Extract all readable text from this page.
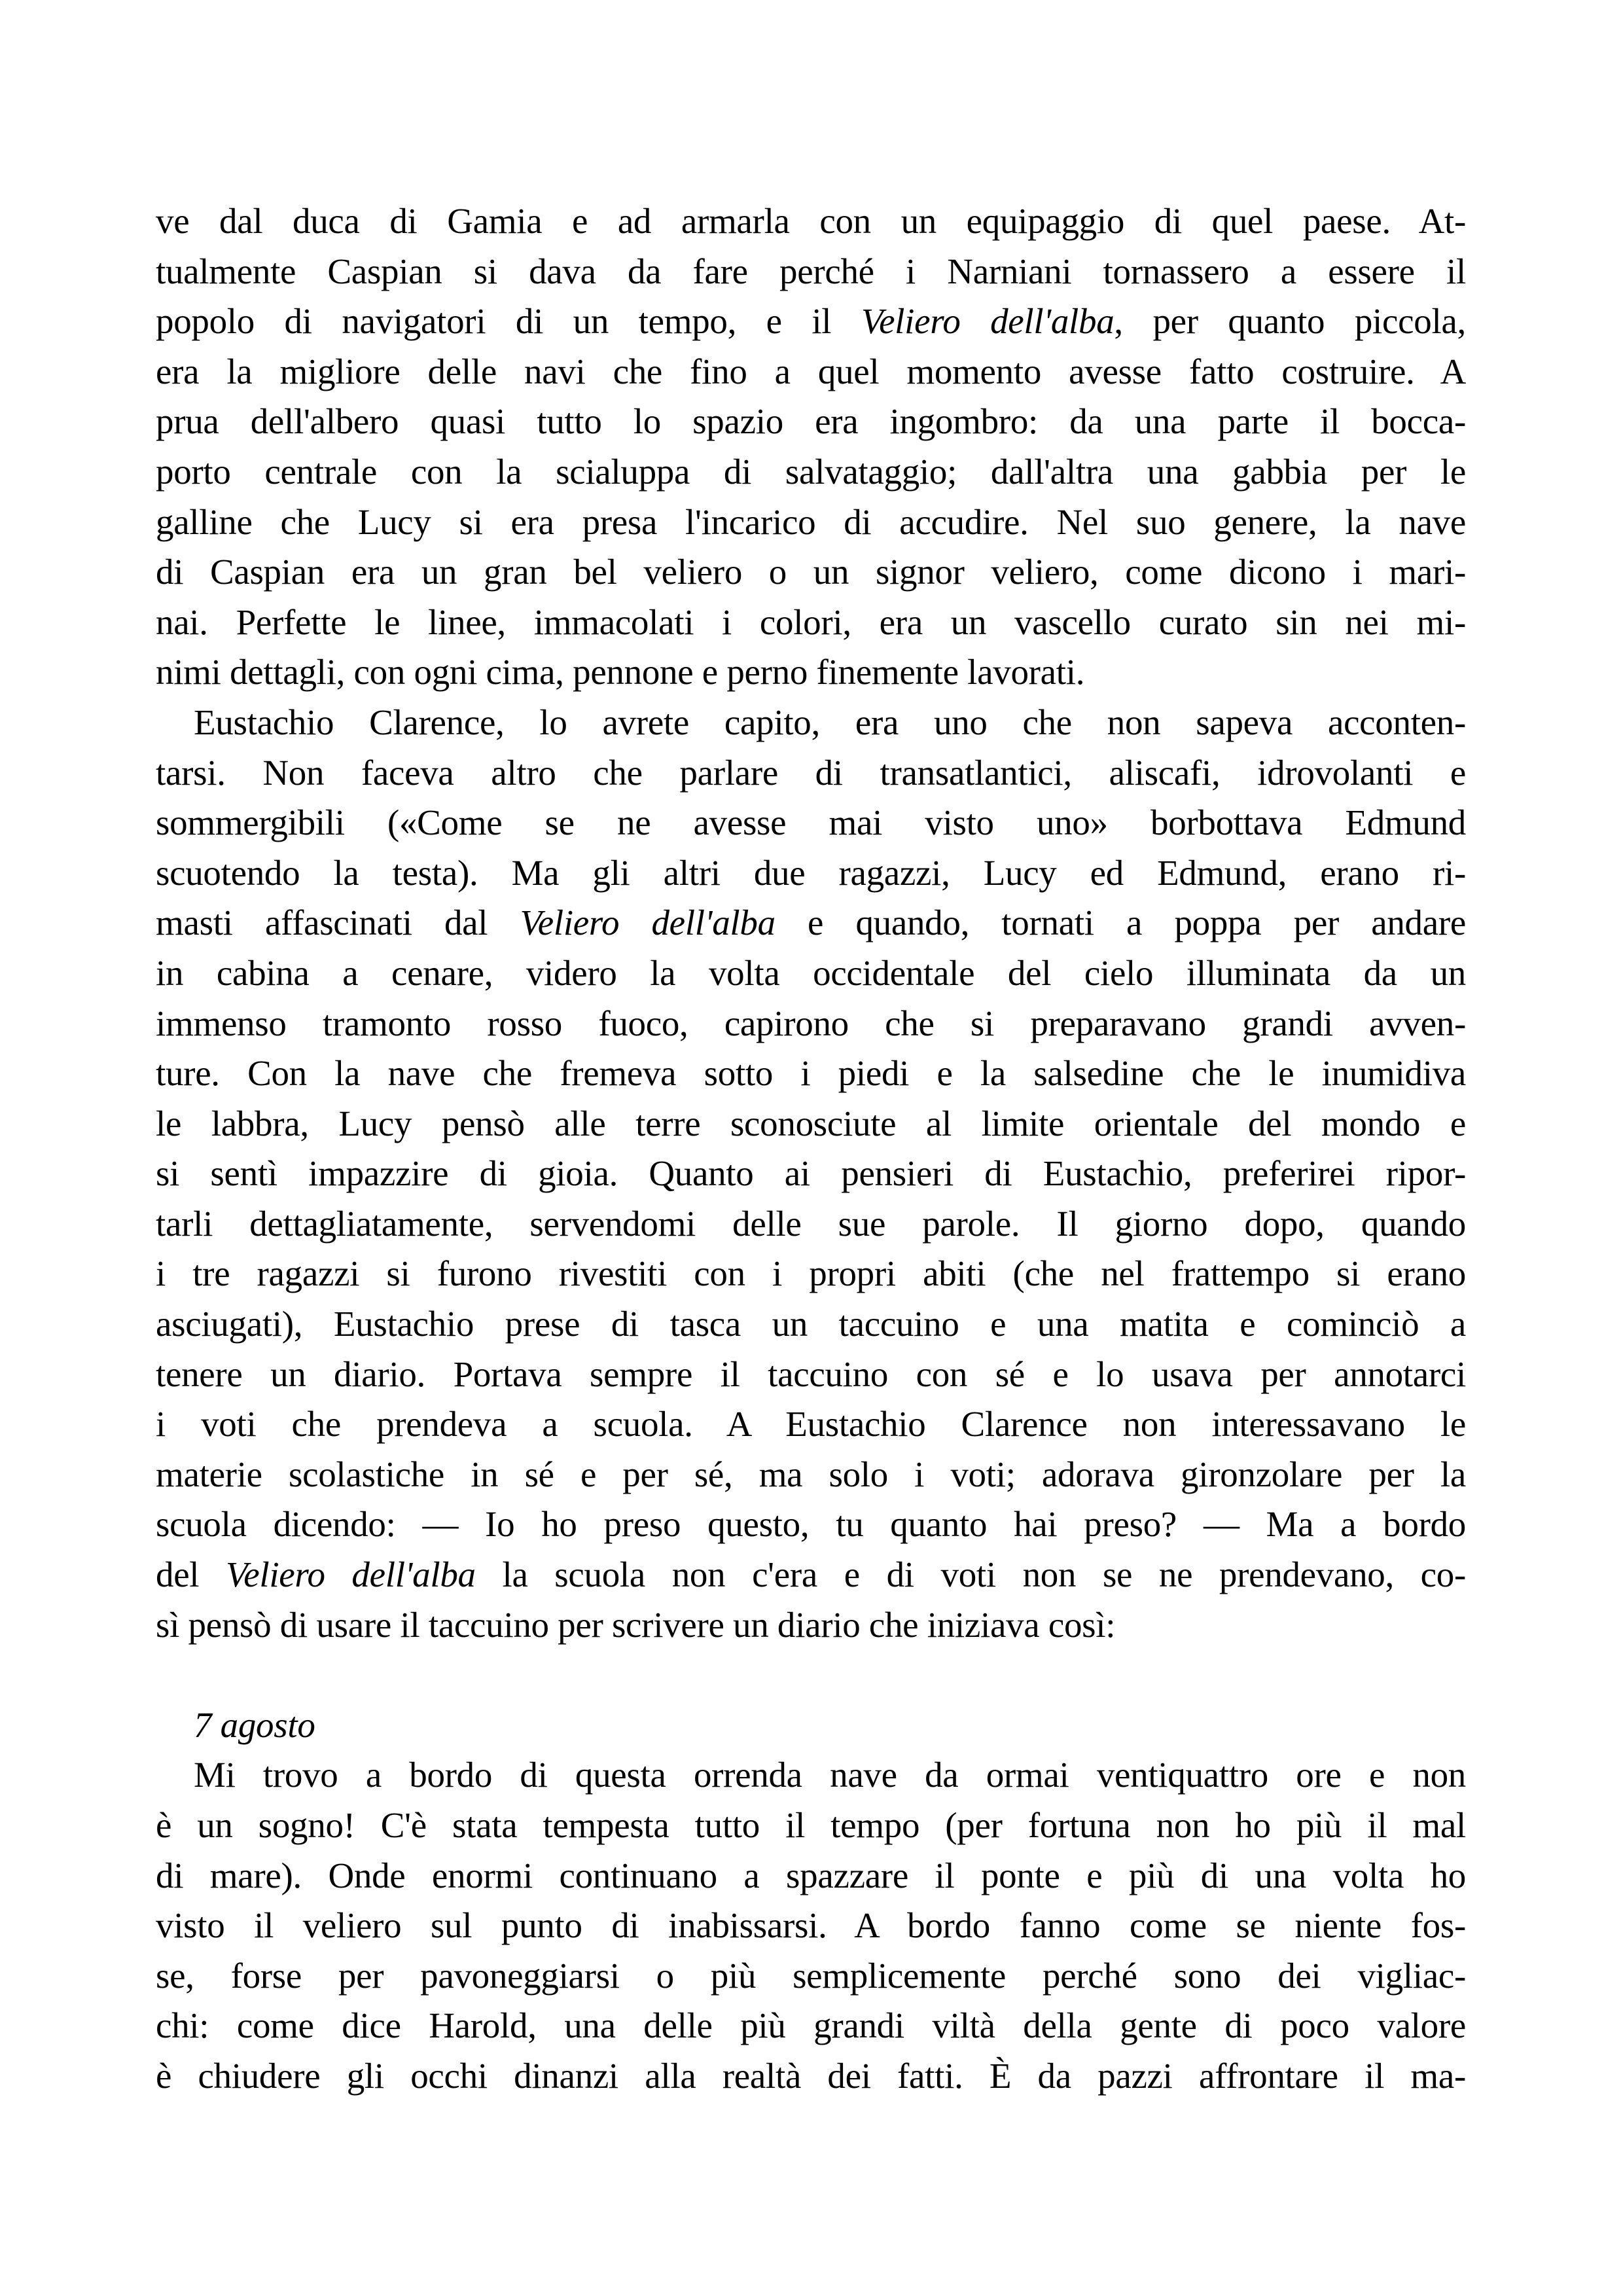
ve dal duca di Gamia e ad armarla con un equipaggio di quel paese. At-
tualmente Caspian si dava da fare perché i Narniani tornassero a essere il
popolo di navigatori di un tempo, e il Veliero dell'alba, per quanto piccola,
era la migliore delle navi che fino a quel momento avesse fatto costruire. A
prua dell'albero quasi tutto lo spazio era ingombro: da una parte il bocca-
porto centrale con la scialuppa di salvataggio; dall'altra una gabbia per le
galline che Lucy si era presa l'incarico di accudire. Nel suo genere, la nave
di Caspian era un gran bel veliero o un signor veliero, come dicono i mari-
nai. Perfette le linee, immacolati i colori, era un vascello curato sin nei mi-
nimi dettagli, con ogni cima, pennone e perno finemente lavorati.
Eustachio Clarence, lo avrete capito, era uno che non sapeva acconten-
tarsi. Non faceva altro che parlare di transatlantici, aliscafi, idrovolanti e
sommergibili («Come se ne avesse mai visto uno» borbottava Edmund
scuotendo la testa). Ma gli altri due ragazzi, Lucy ed Edmund, erano ri-
masti affascinati dal Veliero dell'alba e quando, tornati a poppa per andare
in cabina a cenare, videro la volta occidentale del cielo illuminata da un
immenso tramonto rosso fuoco, capirono che si preparavano grandi avven-
ture. Con la nave che fremeva sotto i piedi e la salsedine che le inumidiva
le labbra, Lucy pensò alle terre sconosciute al limite orientale del mondo e
si sentì impazzire di gioia. Quanto ai pensieri di Eustachio, preferirei ripor-
tarli dettagliatamente, servendomi delle sue parole. Il giorno dopo, quando
i tre ragazzi si furono rivestiti con i propri abiti (che nel frattempo si erano
asciugati), Eustachio prese di tasca un taccuino e una matita e cominciò a
tenere un diario. Portava sempre il taccuino con sé e lo usava per annotarci
i voti che prendeva a scuola. A Eustachio Clarence non interessavano le
materie scolastiche in sé e per sé, ma solo i voti; adorava gironzolare per la
scuola dicendo: — Io ho preso questo, tu quanto hai preso? — Ma a bordo
del Veliero dell'alba la scuola non c'era e di voti non se ne prendevano, co-
sì pensò di usare il taccuino per scrivere un diario che iniziava così:
7 agosto
Mi trovo a bordo di questa orrenda nave da ormai ventiquattro ore e non
è un sogno! C'è stata tempesta tutto il tempo (per fortuna non ho più il mal
di mare). Onde enormi continuano a spazzare il ponte e più di una volta ho
visto il veliero sul punto di inabissarsi. A bordo fanno come se niente fos-
se, forse per pavoneggiarsi o più semplicemente perché sono dei vigliac-
chi: come dice Harold, una delle più grandi viltà della gente di poco valore
è chiudere gli occhi dinanzi alla realtà dei fatti. È da pazzi affrontare il ma-
